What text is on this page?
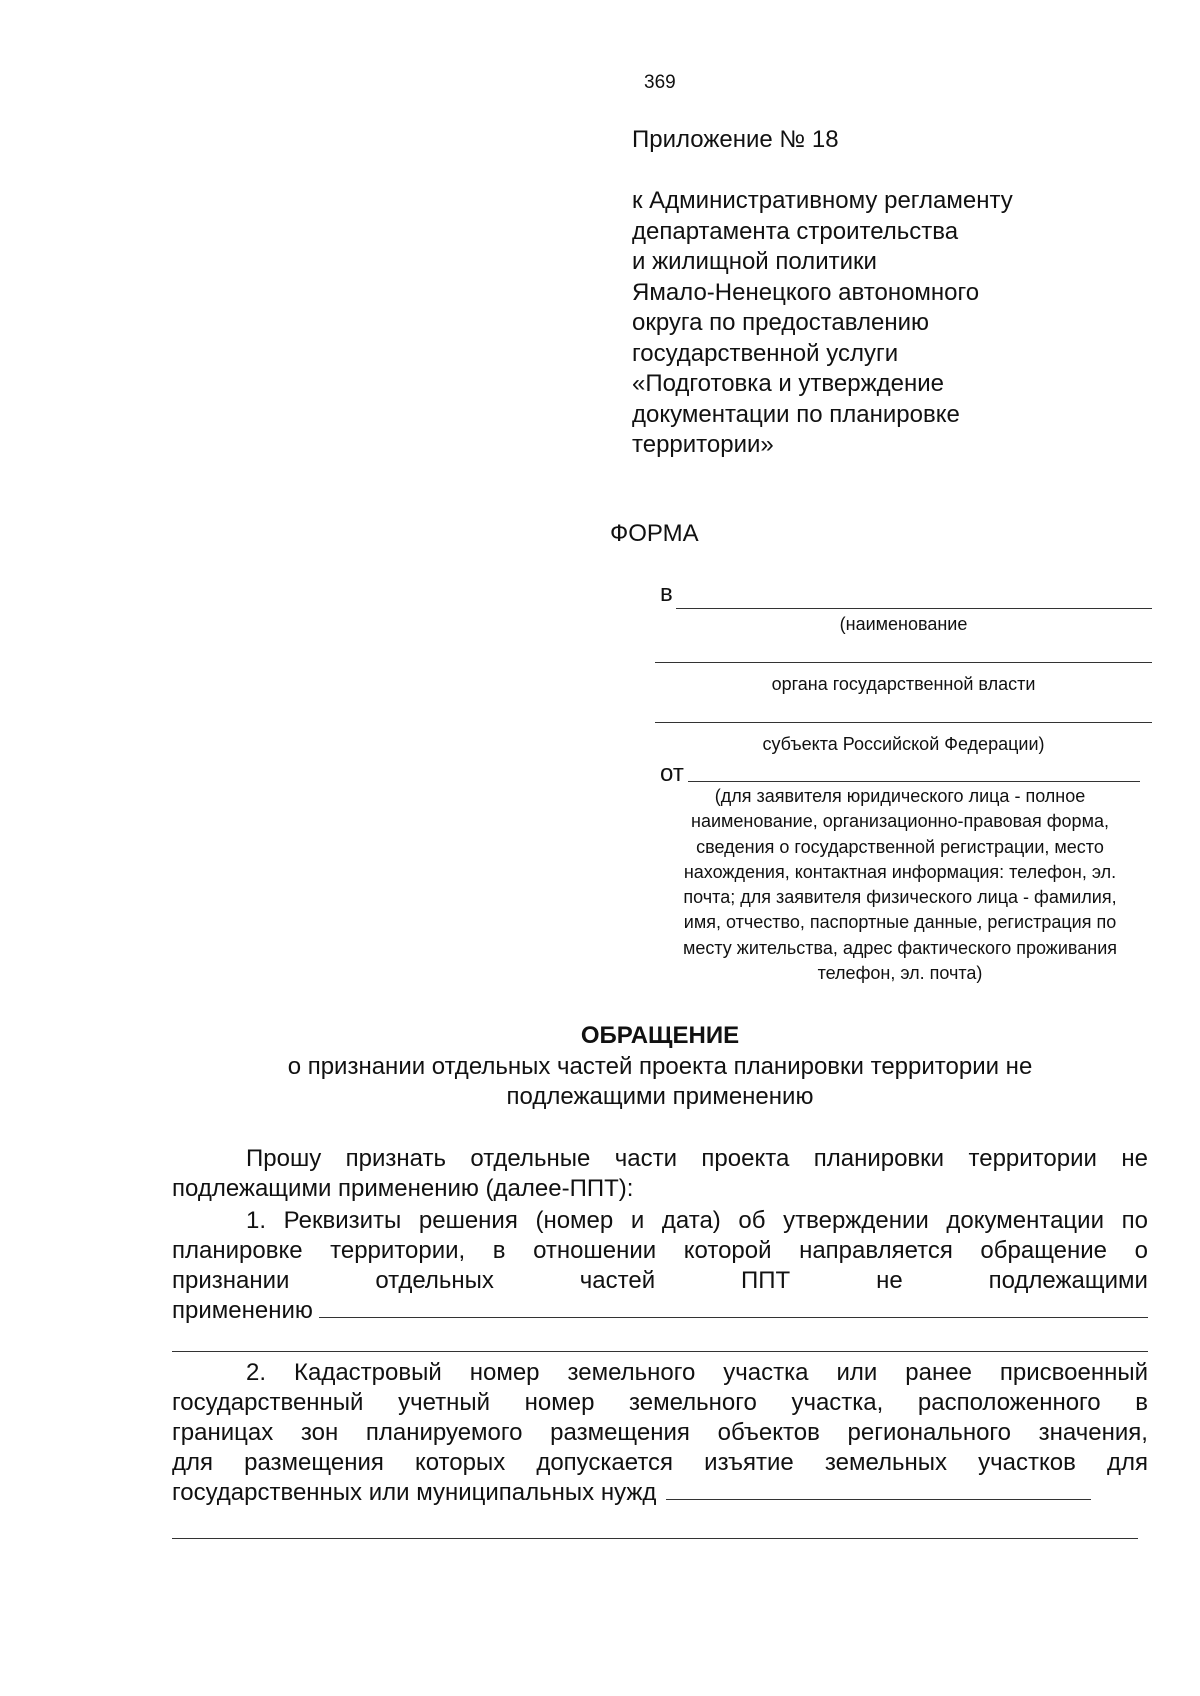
369
Приложение № 18
к Административному регламенту
департамента строительства
и жилищной политики
Ямало-Ненецкого автономного
округа по предоставлению
государственной услуги
«Подготовка и утверждение
документации по планировке
территории»
ФОРМА
в
(наименование
органа государственной власти
субъекта Российской Федерации)
от
(для заявителя юридического лица - полное
наименование, организационно-правовая форма,
сведения о государственной регистрации, место
нахождения, контактная информация: телефон, эл.
почта; для заявителя физического лица - фамилия,
имя, отчество, паспортные данные, регистрация по
месту жительства, адрес фактического проживания
телефон, эл. почта)
ОБРАЩЕНИЕ
о признании отдельных частей проекта планировки территории не
подлежащими применению
Прошу признать отдельные части проекта планировки территории не
подлежащими применению (далее-ППТ):
1. Реквизиты решения (номер и дата) об утверждении документации по
планировке территории, в отношении которой направляется обращение о
признании	отдельных	частей	ППТ	не	подлежащими
применению
2. Кадастровый номер земельного участка или ранее присвоенный
государственный учетный номер земельного участка, расположенного в
границах зон планируемого размещения объектов регионального значения,
для размещения которых допускается изъятие земельных участков для
государственных или муниципальных нужд
